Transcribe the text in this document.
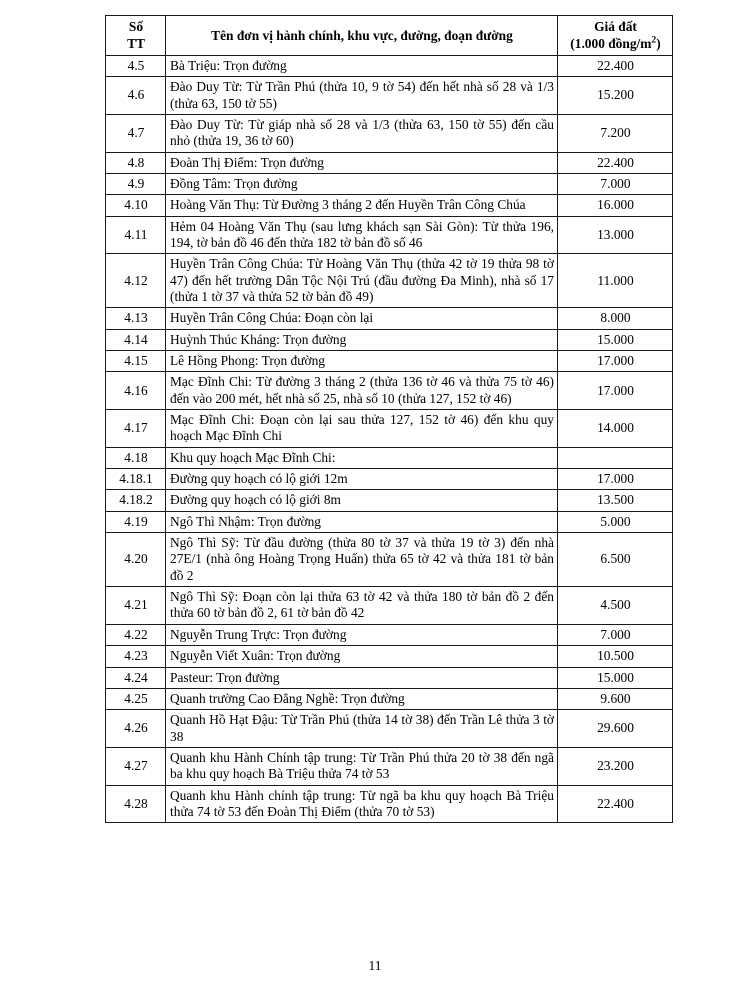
Số
TT	Tên đơn vị hành chính, khu vực, đường, đoạn đường	Giá đất
(1.000 đồng/$m^2$)

4.5	Bà Triệu: Trọn đường	22.400
4.6	Đào Duy Từ: Từ Trần Phú (thửa 10, 9 tờ 54) đến hết nhà số 28 và 1/3 (thửa 63, 150 tờ 55)	15.200
4.7	Đào Duy Từ: Từ giáp nhà số 28 và 1/3 (thửa 63, 150 tờ 55) đến cầu nhỏ (thửa 19, 36 tờ 60)	7.200
4.8	Đoàn Thị Điểm: Trọn đường	22.400
4.9	Đồng Tâm: Trọn đường	7.000
4.10	Hoàng Văn Thụ: Từ Đường 3 tháng 2 đến Huyền Trân Công Chúa	16.000
4.11	Hẻm 04 Hoàng Văn Thụ (sau lưng khách sạn Sài Gòn): Từ thửa 196, 194, tờ bản đồ 46 đến thửa 182 tờ bản đồ số 46	13.000
4.12	Huyền Trân Công Chúa: Từ Hoàng Văn Thụ (thửa 42 tờ 19 thửa 98 tờ 47) đến hết trường Dân Tộc Nội Trú (đầu đường Đa Minh), nhà số 17 (thửa 1 tờ 37 và thửa 52 tờ bản đồ 49)	11.000
4.13	Huyền Trân Công Chúa: Đoạn còn lại	8.000
4.14	Huỳnh Thúc Kháng: Trọn đường	15.000
4.15	Lê Hồng Phong: Trọn đường	17.000
4.16	Mạc Đĩnh Chi: Từ đường 3 tháng 2 (thửa 136 tờ 46 và thửa 75 tờ 46) đến vào 200 mét, hết nhà số 25, nhà số 10 (thửa 127, 152 tờ 46)	17.000
4.17	Mạc Đĩnh Chi: Đoạn còn lại sau thửa 127, 152 tờ 46) đến khu quy hoạch Mạc Đĩnh Chi	14.000
4.18	Khu quy hoạch Mạc Đĩnh Chi:	
4.18.1	Đường quy hoạch có lộ giới 12m	17.000
4.18.2	Đường quy hoạch có lộ giới 8m	13.500
4.19	Ngô Thì Nhậm: Trọn đường	5.000
4.20	Ngô Thì Sỹ: Từ đầu đường (thửa 80 tờ 37 và thửa 19 tờ 3) đến nhà 27E/1 (nhà ông Hoàng Trọng Huấn) thửa 65 tờ 42 và thửa 181 tờ bản đồ 2	6.500
4.21	Ngô Thì Sỹ: Đoạn còn lại thửa 63 tờ 42 và thửa 180 tờ bản đồ 2 đến thửa 60 tờ bản đồ 2, 61 tờ bản đồ 42	4.500
4.22	Nguyễn Trung Trực: Trọn đường	7.000
4.23	Nguyễn Viết Xuân: Trọn đường	10.500
4.24	Pasteur: Trọn đường	15.000
4.25	Quanh trường Cao Đẳng Nghề: Trọn đường	9.600
4.26	Quanh Hồ Hạt Đậu: Từ Trần Phú (thửa 14 tờ 38) đến Trần Lê thửa 3 tờ 38	29.600
4.27	Quanh khu Hành Chính tập trung: Từ Trần Phú thửa 20 tờ 38 đến ngã ba khu quy hoạch Bà Triệu thửa 74 tờ 53	23.200
4.28	Quanh khu Hành chính tập trung: Từ ngã ba khu quy hoạch Bà Triệu thửa 74 tờ 53 đến Đoàn Thị Điểm (thửa 70 tờ 53)	22.400
11
